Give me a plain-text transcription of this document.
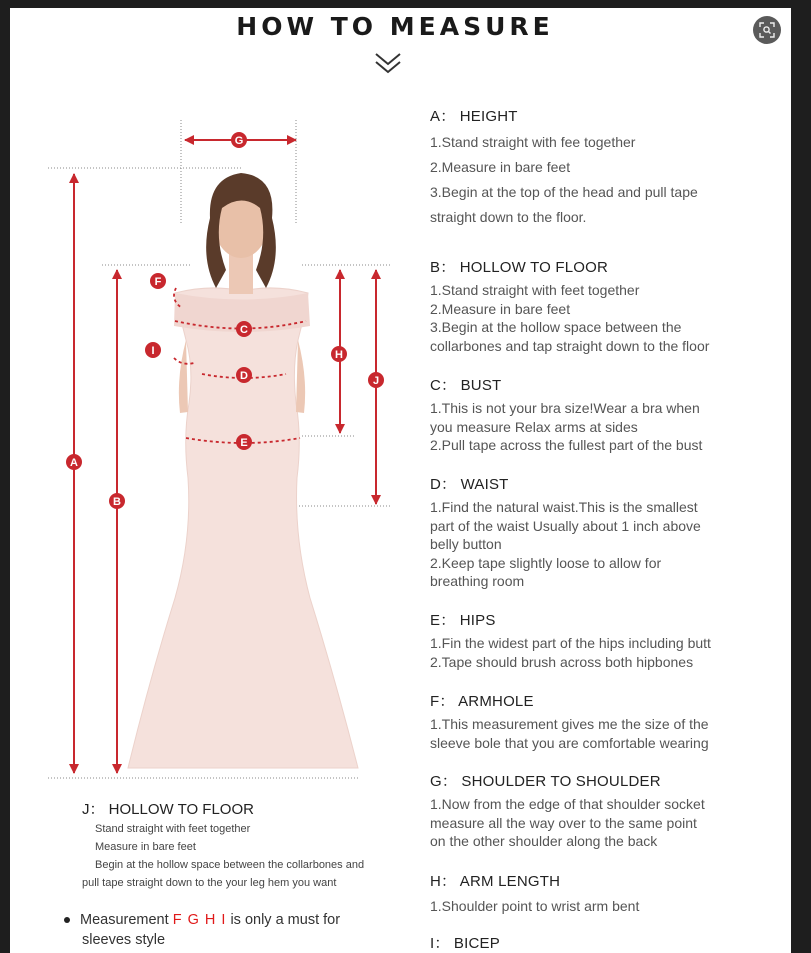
HOW TO MEASURE
A
B
C
D
E
F
G
H
I
J
A： HEIGHT
1.Stand straight with fee together
2.Measure in bare feet
3.Begin at the top of the head and pull tape
straight down to the floor.
B： HOLLOW TO FLOOR
1.Stand straight with feet together
2.Measure in bare feet
3.Begin at the hollow space between the
collarbones and tap straight down to the floor
C： BUST
1.This is not your bra size!Wear a bra when
you measure Relax arms at sides
2.Pull tape across the fullest part of the bust
D： WAIST
1.Find the natural waist.This is the smallest
part of the waist Usually about 1 inch above
belly button
2.Keep tape slightly loose to allow for
breathing room
E： HIPS
1.Fin the widest part of the hips including butt
2.Tape should brush across both hipbones
F： ARMHOLE
1.This measurement gives me the size of the
sleeve bole that you are comfortable wearing
G： SHOULDER TO SHOULDER
1.Now from the edge of that shoulder socket
measure all the way over to the same point
on the other shoulder along the back
H： ARM LENGTH
1.Shoulder point to wrist arm bent
I： BICEP
J： HOLLOW TO FLOOR
Stand straight with feet together
Measure in bare feet
Begin at the hollow space between the collarbones and
pull tape straight down to the your leg hem you want
Measurement F G H I is only a must for
sleeves style
